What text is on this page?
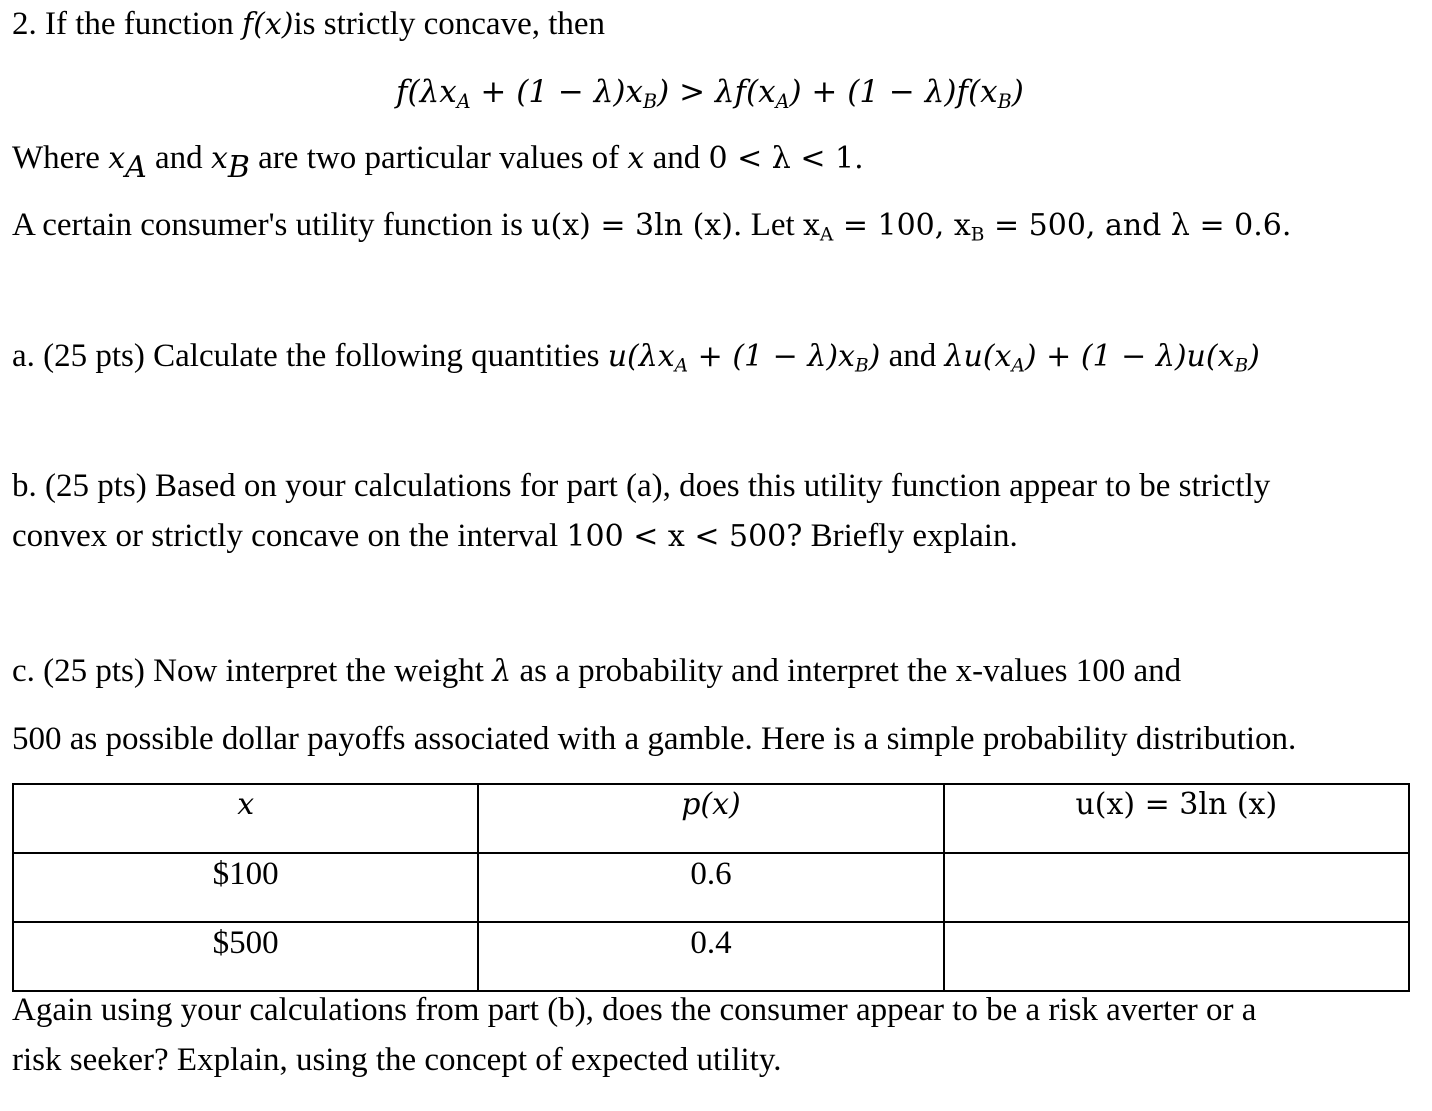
2. If the function f(x)is strictly concave, then
$f(\lambda x_A + (1 - \lambda)x_B) > \lambda f(x_A) + (1 - \lambda)f(x_B)$
Where $x_A$ and $x_B$ are two particular values of x and 0 < λ < 1.
A certain consumer's utility function is u(x) = 3ln (x). Let $x_A = 100$, $x_B = 500$, and λ = 0.6.
a. (25 pts) Calculate the following quantities $u(\lambda x_A + (1 - \lambda)x_B)$ and $\lambda u(x_A) + (1 - \lambda)u(x_B)$
b. (25 pts) Based on your calculations for part (a), does this utility function appear to be strictly
convex or strictly concave on the interval 100 < x < 500? Briefly explain.
c. (25 pts) Now interpret the weight λ as a probability and interpret the x-values 100 and
500 as possible dollar payoffs associated with a gamble. Here is a simple probability distribution.
x	p(x)	u(x) = 3ln (x)
$100	0.6	
$500	0.4	
Again using your calculations from part (b), does the consumer appear to be a risk averter or a
risk seeker? Explain, using the concept of expected utility.
